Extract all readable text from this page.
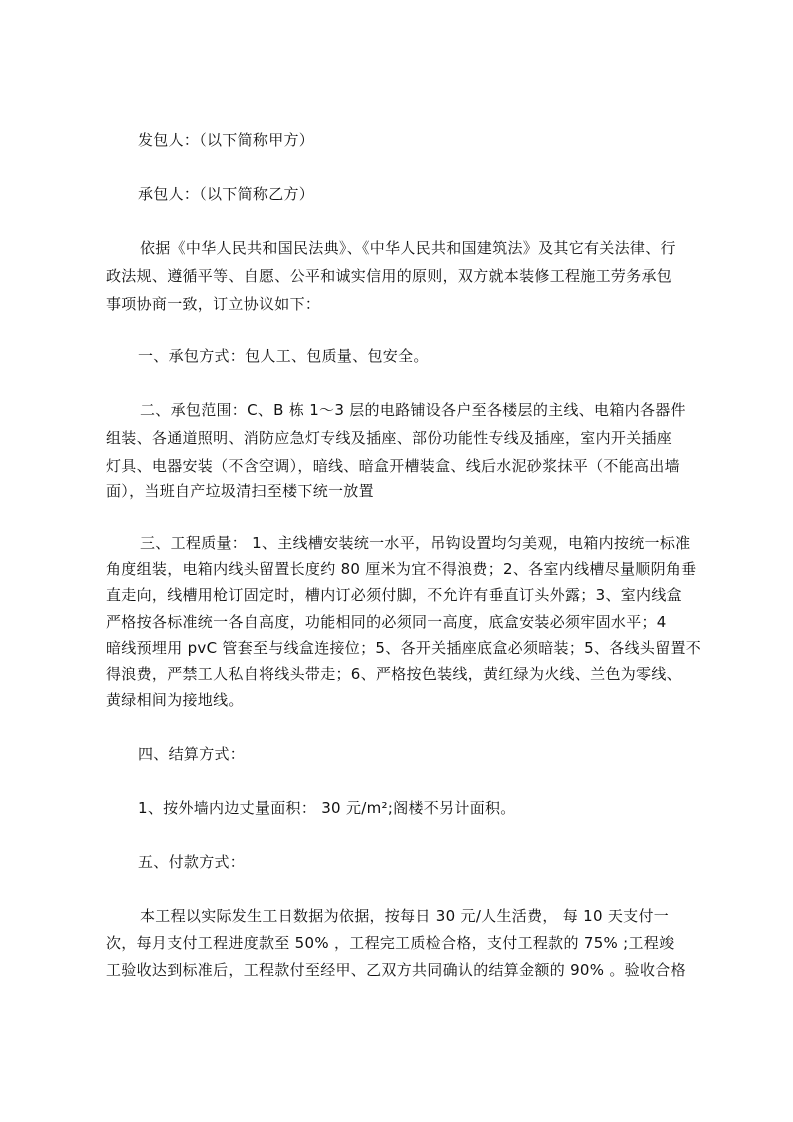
发包人：（以下简称甲方）
承包人：（以下简称乙方）
依据《中华人民共和国民法典》、《中华人民共和国建筑法》及其它有关法律、行
政法规、遵循平等、自愿、公平和诚实信用的原则，双方就本装修工程施工劳务承包
事项协商一致，订立协议如下：
一、承包方式：包人工、包质量、包安全。
二、承包范围：C、B 栋 1～3 层的电路铺设各户至各楼层的主线、电箱内各器件
组装、各通道照明、消防应急灯专线及插座、部份功能性专线及插座，室内开关插座
灯具、电器安装（不含空调），暗线、暗盒开槽装盒、线后水泥砂浆抹平（不能高出墙
面），当班自产垃圾清扫至楼下统一放置
三、工程质量： 1、主线槽安装统一水平，吊钩设置均匀美观，电箱内按统一标准
角度组装，电箱内线头留置长度约 80 厘米为宜不得浪费；2、各室内线槽尽量顺阴角垂
直走向，线槽用枪订固定时，槽内订必须付脚，不允许有垂直订头外露；3、室内线盒
严格按各标准统一各自高度，功能相同的必须同一高度，底盒安装必须牢固水平；4
暗线预埋用 pvC 管套至与线盒连接位；5、各开关插座底盒必须暗装；5、各线头留置不
得浪费，严禁工人私自将线头带走；6、严格按色装线，黄红绿为火线、兰色为零线、
黄绿相间为接地线。
四、结算方式：
1、按外墙内边丈量面积： 30 元/m²;阁楼不另计面积。
五、付款方式：
本工程以实际发生工日数据为依据，按每日 30 元/人生活费， 每 10 天支付一
次，每月支付工程进度款至 50% ，工程完工质检合格，支付工程款的 75% ;工程竣
工验收达到标准后，工程款付至经甲、乙双方共同确认的结算金额的 90% 。验收合格
